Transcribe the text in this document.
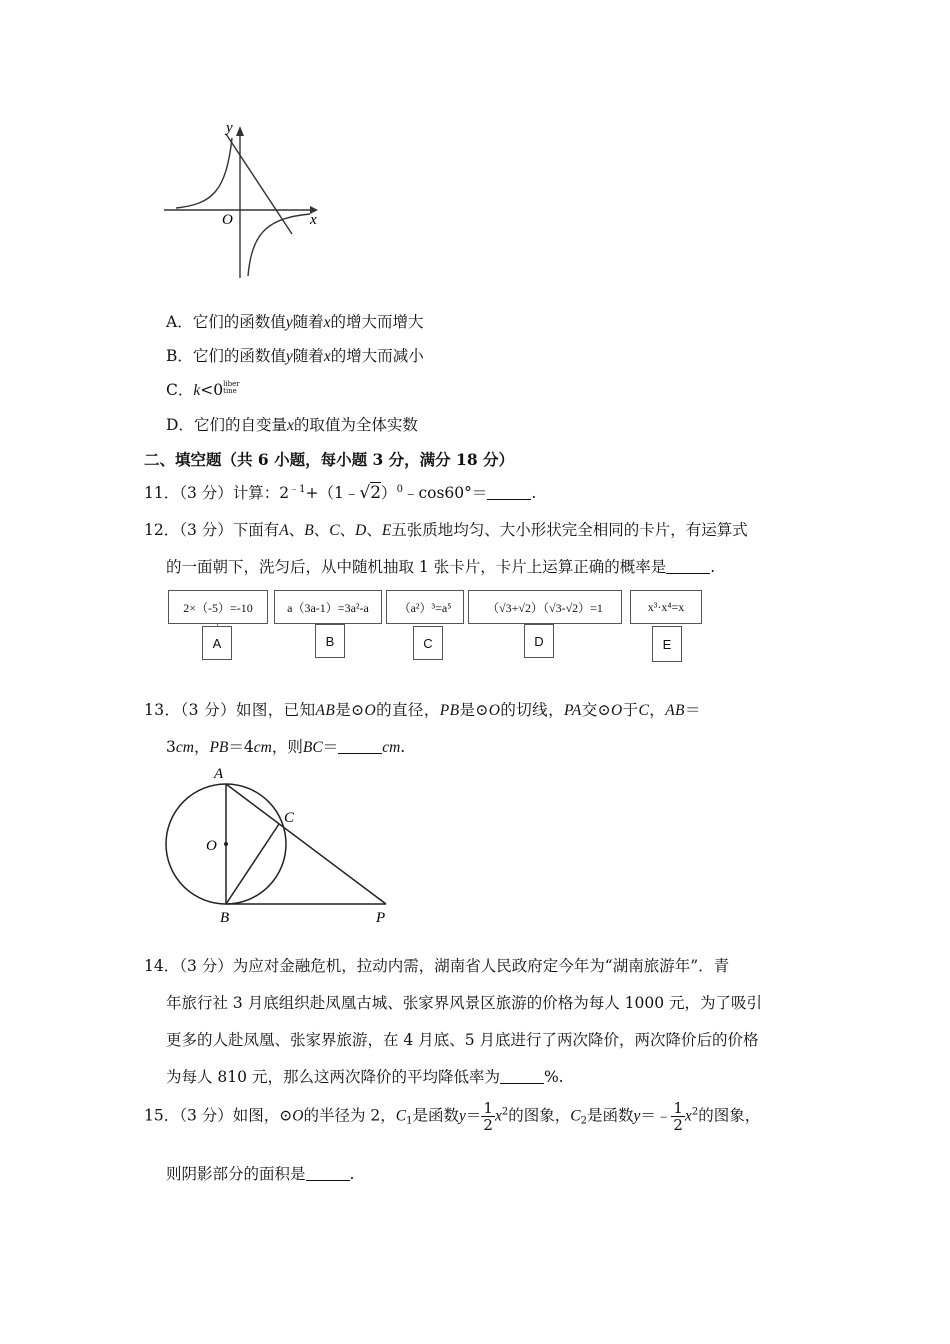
y
x
O
A．它们的函数值y随着x的增大而增大
B．它们的函数值y随着x的增大而减小
C．k<0 liber
tine
D．它们的自变量x的取值为全体实数
二、填空题（共 6 小题，每小题 3 分，满分 18 分）
11．（3 分）计算：$2^{﹣1}+(1﹣√2)^0﹣\cos 60^\circ=$	.
12．（3 分）下面有A、B、C、D、E五张质地均匀、大小形状完全相同的卡片，有运算式
的一面朝下，洗匀后，从中随机抽取 1 张卡片，卡片上运算正确的概率是	.
2×（-5）=-10
A
a（3a-1）=3a²-a
B
（a²）³=a⁵
C
（√3+√2）（√3-√2）=1
D
x³·x⁴=x
E
13．（3 分）如图，已知AB是⊙O的直径，PB是⊙O的切线，PA交⊙O于C，AB＝
3cm，PB＝4cm，则BC＝	cm.
A
O
C
B	P
14．（3 分）为应对金融危机，拉动内需，湖南省人民政府定今年为“湖南旅游年”．青
年旅行社 3 月底组织赴凤凰古城、张家界风景区旅游的价格为每人 1000 元，为了吸引
更多的人赴凤凰、张家界旅游，在 4 月底、5 月底进行了两次降价，两次降价后的价格
为每人 810 元，那么这两次降价的平均降低率为	%.
15．（3 分）如图，⊙O的半径为 2，$C_1$是函数$y= \frac{1}{2} x^2$的图象，$C_2$是函数y＝﹣ $\frac{1}{2} x^2$的图象，
则阴影部分的面积是	.
